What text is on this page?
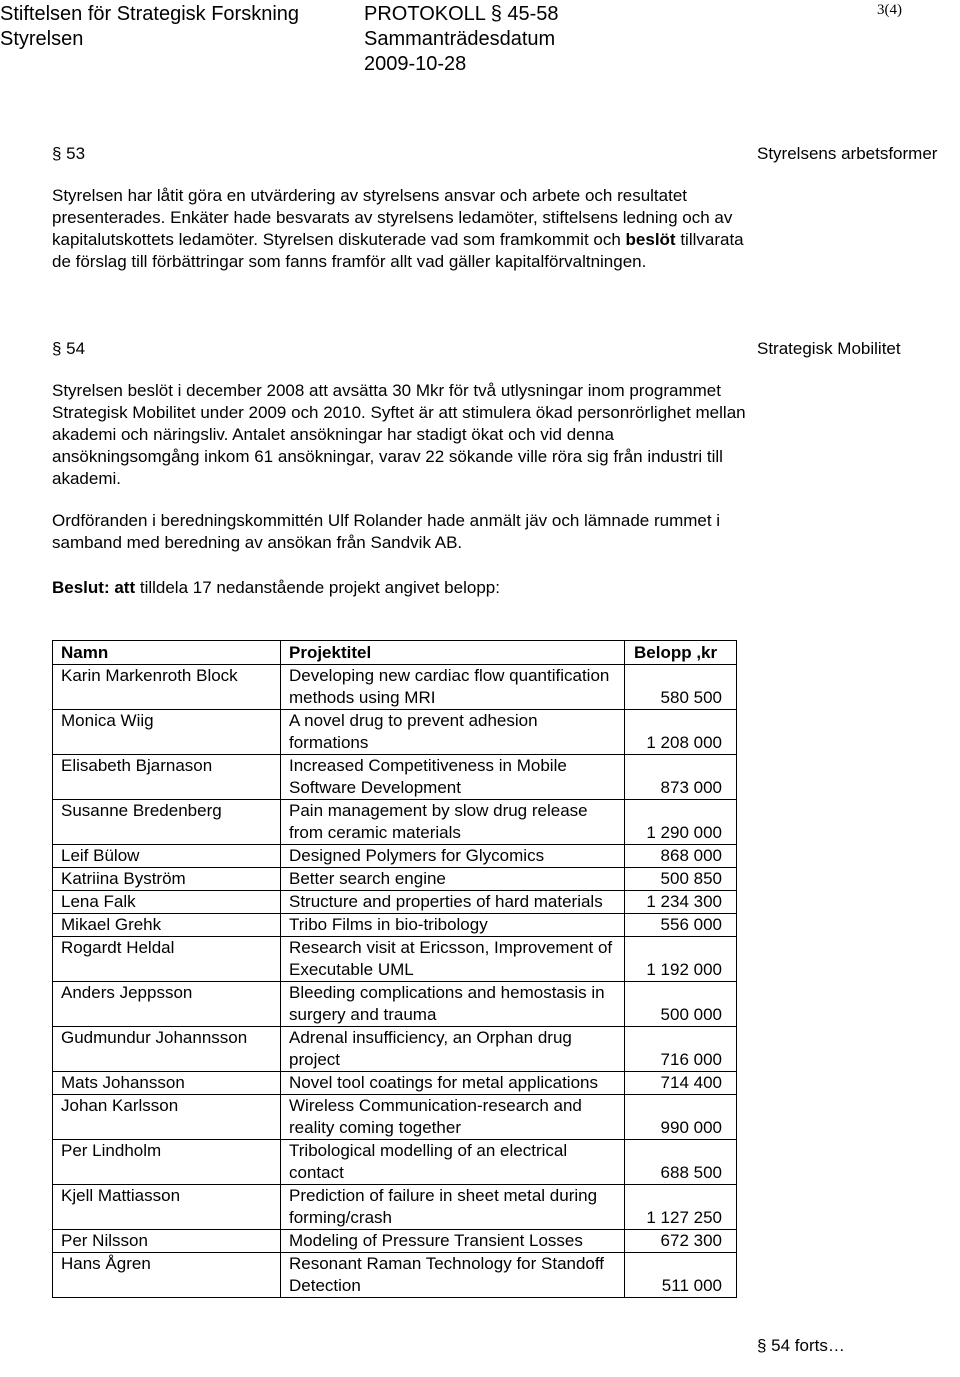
Stiftelsen för Strategisk Forskning	PROTOKOLL § 45-58	3(4)
Styrelsen	Sammanträdesdatum
2009-10-28
§ 53	Styrelsens arbetsformer

Styrelsen har låtit göra en utvärdering av styrelsens ansvar och arbete och resultatet presenterades. Enkäter hade besvarats av styrelsens ledamöter, stiftelsens ledning och av kapitalutskottets ledamöter. Styrelsen diskuterade vad som framkommit och beslöt tillvarata de förslag till förbättringar som fanns framför allt vad gäller kapitalförvaltningen.

§ 54	Strategisk Mobilitet

Styrelsen beslöt i december 2008 att avsätta 30 Mkr för två utlysningar inom programmet Strategisk Mobilitet under 2009 och 2010. Syftet är att stimulera ökad personrörlighet mellan akademi och näringsliv. Antalet ansökningar har stadigt ökat och vid denna ansökningsomgång inkom 61 ansökningar, varav 22 sökande ville röra sig från industri till akademi.

Ordföranden i beredningskommittén Ulf Rolander hade anmält jäv och lämnade rummet i samband med beredning av ansökan från Sandvik AB.

Beslut: att tilldela 17 nedanstående projekt angivet belopp:

Namn	Projektitel	Belopp ,kr
Karin Markenroth Block	Developing new cardiac flow quantification methods using MRI	580 500
Monica Wiig	A novel drug to prevent adhesion formations	1 208 000
Elisabeth Bjarnason	Increased Competitiveness in Mobile Software Development	873 000
Susanne Bredenberg	Pain management by slow drug release from ceramic materials	1 290 000
Leif Bülow	Designed Polymers for Glycomics	868 000
Katriina Byström	Better search engine	500 850
Lena Falk	Structure and properties of hard materials	1 234 300
Mikael Grehk	Tribo Films in bio-tribology	556 000
Rogardt Heldal	Research visit at Ericsson, Improvement of Executable UML	1 192 000
Anders Jeppsson	Bleeding complications and hemostasis in surgery and trauma	500 000
Gudmundur Johannsson	Adrenal insufficiency, an Orphan drug project	716 000
Mats Johansson	Novel tool coatings for metal applications	714 400
Johan Karlsson	Wireless Communication-research and reality coming together	990 000
Per Lindholm	Tribological modelling of an electrical contact	688 500
Kjell Mattiasson	Prediction of failure in sheet metal during forming/crash	1 127 250
Per Nilsson	Modeling of Pressure Transient Losses	672 300
Hans Ågren	Resonant Raman Technology for Standoff Detection	511 000
§ 54 forts…
